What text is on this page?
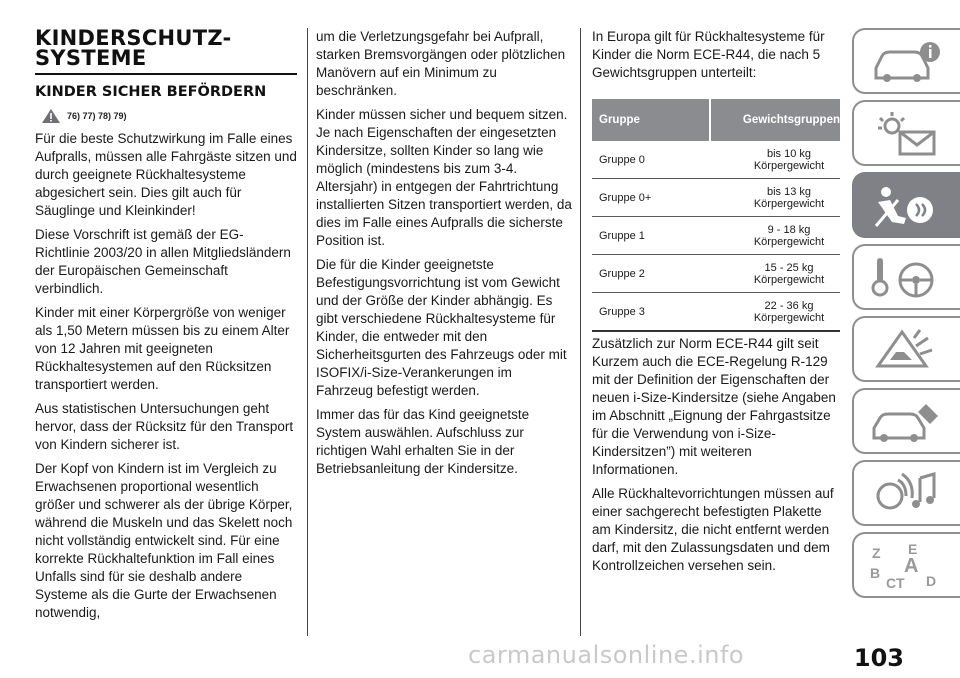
KINDERSCHUTZ-SYSTEME
KINDER SICHER BEFÖRDERN
76) 77) 78) 79)

Für die beste Schutzwirkung im Falle eines Aufpralls, müssen alle Fahrgäste sitzen und durch geeignete Rückhaltesysteme abgesichert sein. Dies gilt auch für Säuglinge und Kleinkinder!

Diese Vorschrift ist gemäß der EG-Richtlinie 2003/20 in allen Mitgliedsländern der Europäischen Gemeinschaft verbindlich.

Kinder mit einer Körpergröße von weniger als 1,50 Metern müssen bis zu einem Alter von 12 Jahren mit geeigneten Rückhaltesystemen auf den Rücksitzen transportiert werden.

Aus statistischen Untersuchungen geht hervor, dass der Rücksitz für den Transport von Kindern sicherer ist.

Der Kopf von Kindern ist im Vergleich zu Erwachsenen proportional wesentlich größer und schwerer als der übrige Körper, während die Muskeln und das Skelett noch nicht vollständig entwickelt sind. Für eine korrekte Rückhaltefunktion im Fall eines Unfalls sind für sie deshalb andere Systeme als die Gurte der Erwachsenen notwendig,

um die Verletzungsgefahr bei Aufprall, starken Bremsvorgängen oder plötzlichen Manövern auf ein Minimum zu beschränken.

Kinder müssen sicher und bequem sitzen. Je nach Eigenschaften der eingesetzten Kindersitze, sollten Kinder so lang wie möglich (mindestens bis zum 3-4. Altersjahr) in entgegen der Fahrtrichtung installierten Sitzen transportiert werden, da dies im Falle eines Aufpralls die sicherste Position ist.

Die für die Kinder geeignetste Befestigungsvorrichtung ist vom Gewicht und der Größe der Kinder abhängig. Es gibt verschiedene Rückhaltesysteme für Kinder, die entweder mit den Sicherheitsgurten des Fahrzeugs oder mit ISOFIX/i-Size-Verankerungen im Fahrzeug befestigt werden.

Immer das für das Kind geeignetste System auswählen. Aufschluss zur richtigen Wahl erhalten Sie in der Betriebsanleitung der Kindersitze.

In Europa gilt für Rückhaltesysteme für Kinder die Norm ECE-R44, die nach 5 Gewichtsgruppen unterteilt:

Gruppe	Gewichtsgruppen
Gruppe 0	bis 10 kg
Körpergewicht
Gruppe 0+	bis 13 kg
Körpergewicht
Gruppe 1	9 - 18 kg
Körpergewicht
Gruppe 2	15 - 25 kg
Körpergewicht
Gruppe 3	22 - 36 kg
Körpergewicht

Zusätzlich zur Norm ECE-R44 gilt seit Kurzem auch die ECE-Regelung R-129 mit der Definition der Eigenschaften der neuen i-Size-Kindersitze (siehe Angaben im Abschnitt „Eignung der Fahrgastsitze für die Verwendung von i-Size-Kindersitzen”) mit weiteren Informationen.

Alle Rückhaltevorrichtungen müssen auf einer sachgerecht befestigten Plakette am Kindersitz, die nicht entfernt werden darf, mit den Zulassungsdaten und dem Kontrollzeichen versehen sein.

Z E
A
B
C T D
carmanualsonline.info	103
